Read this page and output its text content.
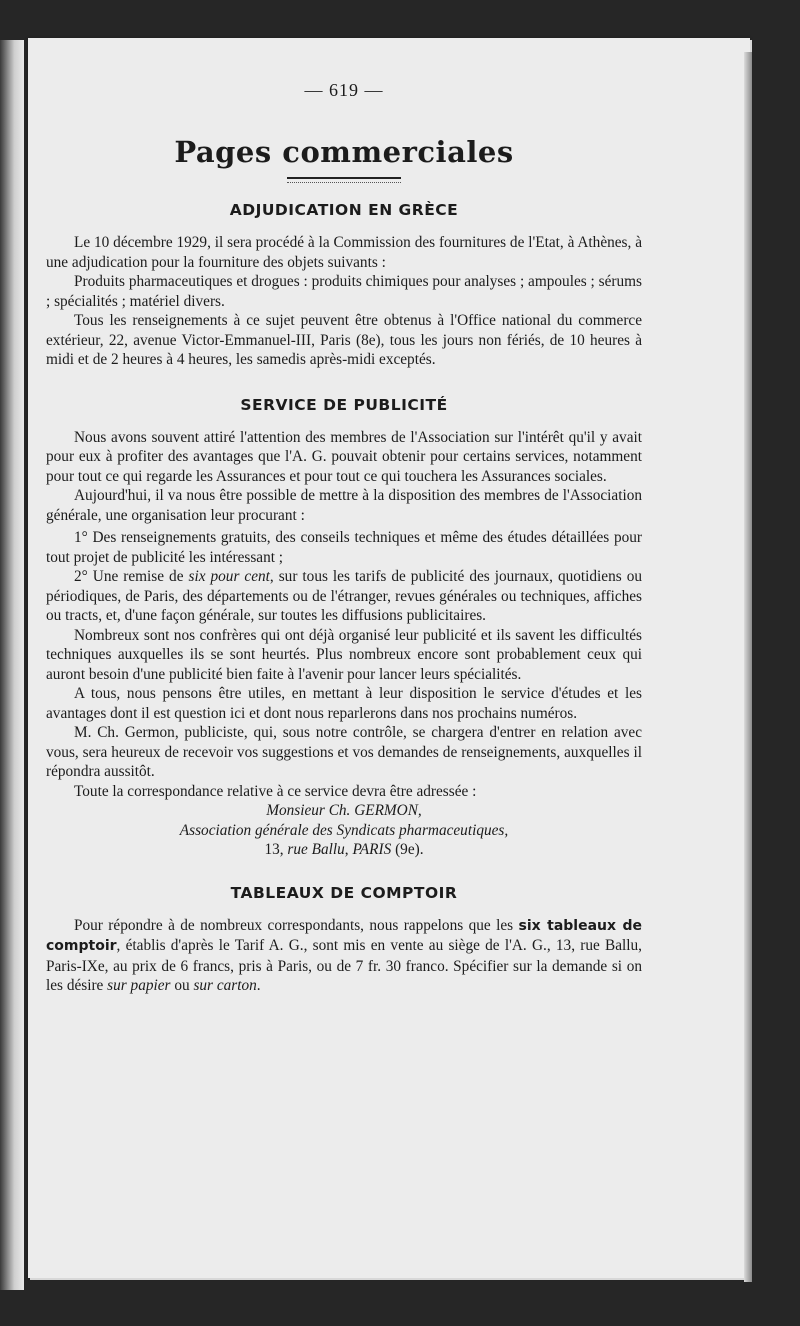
— 619 —
Pages commerciales
ADJUDICATION EN GRÈCE

Le 10 décembre 1929, il sera procédé à la Commission des fournitures de l'Etat, à Athènes, à une adjudication pour la fourniture des objets suivants :

Produits pharmaceutiques et drogues : produits chimiques pour analyses ; ampoules ; sérums ; spécialités ; matériel divers.

Tous les renseignements à ce sujet peuvent être obtenus à l'Office national du commerce extérieur, 22, avenue Victor-Emmanuel-III, Paris (8e), tous les jours non fériés, de 10 heures à midi et de 2 heures à 4 heures, les samedis après-midi exceptés.

SERVICE DE PUBLICITÉ

Nous avons souvent attiré l'attention des membres de l'Association sur l'intérêt qu'il y avait pour eux à profiter des avantages que l'A. G. pouvait obtenir pour certains services, notamment pour tout ce qui regarde les Assurances et pour tout ce qui touchera les Assurances sociales.

Aujourd'hui, il va nous être possible de mettre à la disposition des membres de l'Association générale, une organisation leur procurant :

1° Des renseignements gratuits, des conseils techniques et même des études détaillées pour tout projet de publicité les intéressant ;

2° Une remise de six pour cent, sur tous les tarifs de publicité des journaux, quotidiens ou périodiques, de Paris, des départements ou de l'étranger, revues générales ou techniques, affiches ou tracts, et, d'une façon générale, sur toutes les diffusions publicitaires.

Nombreux sont nos confrères qui ont déjà organisé leur publicité et ils savent les difficultés techniques auxquelles ils se sont heurtés. Plus nombreux encore sont probablement ceux qui auront besoin d'une publicité bien faite à l'avenir pour lancer leurs spécialités.

A tous, nous pensons être utiles, en mettant à leur disposition le service d'études et les avantages dont il est question ici et dont nous reparlerons dans nos prochains numéros.

M. Ch. Germon, publiciste, qui, sous notre contrôle, se chargera d'entrer en relation avec vous, sera heureux de recevoir vos suggestions et vos demandes de renseignements, auxquelles il répondra aussitôt.

Toute la correspondance relative à ce service devra être adressée :

Monsieur Ch. GERMON,
Association générale des Syndicats pharmaceutiques,
13, rue Ballu, PARIS (9e).
TABLEAUX DE COMPTOIR

Pour répondre à de nombreux correspondants, nous rappelons que les six tableaux de comptoir, établis d'après le Tarif A. G., sont mis en vente au siège de l'A. G., 13, rue Ballu, Paris-IXe, au prix de 6 francs, pris à Paris, ou de 7 fr. 30 franco. Spécifier sur la demande si on les désire sur papier ou sur carton.
